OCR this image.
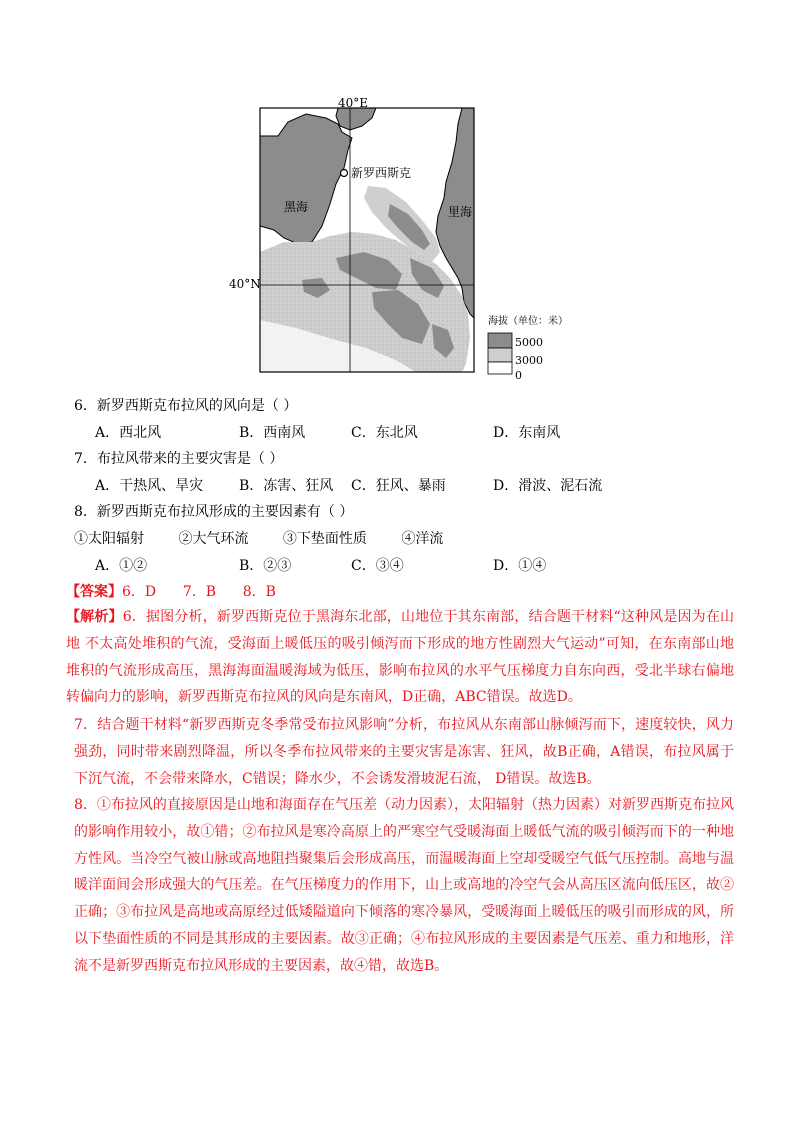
40°E
40°N
新罗西斯克
黑海	里海
海拔（单位：米）
5000
3000
0
6．新罗西斯克布拉风的风向是（ ）
A．西北风	B．西南风	C．东北风	D．东南风
7．布拉风带来的主要灾害是（ ）
A．干热风、旱灾	B．冻害、狂风 C．狂风、暴雨	D．滑波、泥石流
8．新罗西斯克布拉风形成的主要因素有（ ）
①太阳辐射 ②大气环流 ③下垫面性质 ④洋流
A．①②	B．②③	C．③④	D．①④
【答案】6．D      7．B      8．B
【解析】6．据图分析，新罗西斯克位于黑海东北部，山地位于其东南部，结合题干材料“这种风是因为在山地 不太高处堆积的气流，受海面上暖低压的吸引倾泻而下形成的地方性剧烈大气运动”可知，在东南部山地堆积的气流形成高压，黑海海面温暖海域为低压，影响布拉风的水平气压梯度力自东向西，受北半球右偏地转偏向力的影响，新罗西斯克布拉风的风向是东南风，D正确，ABC错误。故选D。
7．结合题干材料“新罗西斯克冬季常受布拉风影响”分析，布拉风从东南部山脉倾泻而下，速度较快，风力强劲，同时带来剧烈降温，所以冬季布拉风带来的主要灾害是冻害、狂风，故B正确，A错误，布拉风属于下沉气流，不会带来降水，C错误；降水少，不会诱发滑坡泥石流， D错误。故选B。
8．①布拉风的直接原因是山地和海面存在气压差（动力因素），太阳辐射（热力因素）对新罗西斯克布拉风的影响作用较小，故①错；②布拉风是寒冷高原上的严寒空气受暖海面上暖低气流的吸引倾泻而下的一种地方性风。当冷空气被山脉或高地阻挡聚集后会形成高压，而温暖海面上空却受暖空气低气压控制。高地与温暖洋面间会形成强大的气压差。在气压梯度力的作用下，山上或高地的冷空气会从高压区流向低压区，故②正确；③布拉风是高地或高原经过低矮隘道向下倾落的寒冷暴风，受暖海面上暖低压的吸引而形成的风，所以下垫面性质的不同是其形成的主要因素。故③正确；④布拉风形成的主要因素是气压差、重力和地形，洋流不是新罗西斯克布拉风形成的主要因素，故④错，故选B。
